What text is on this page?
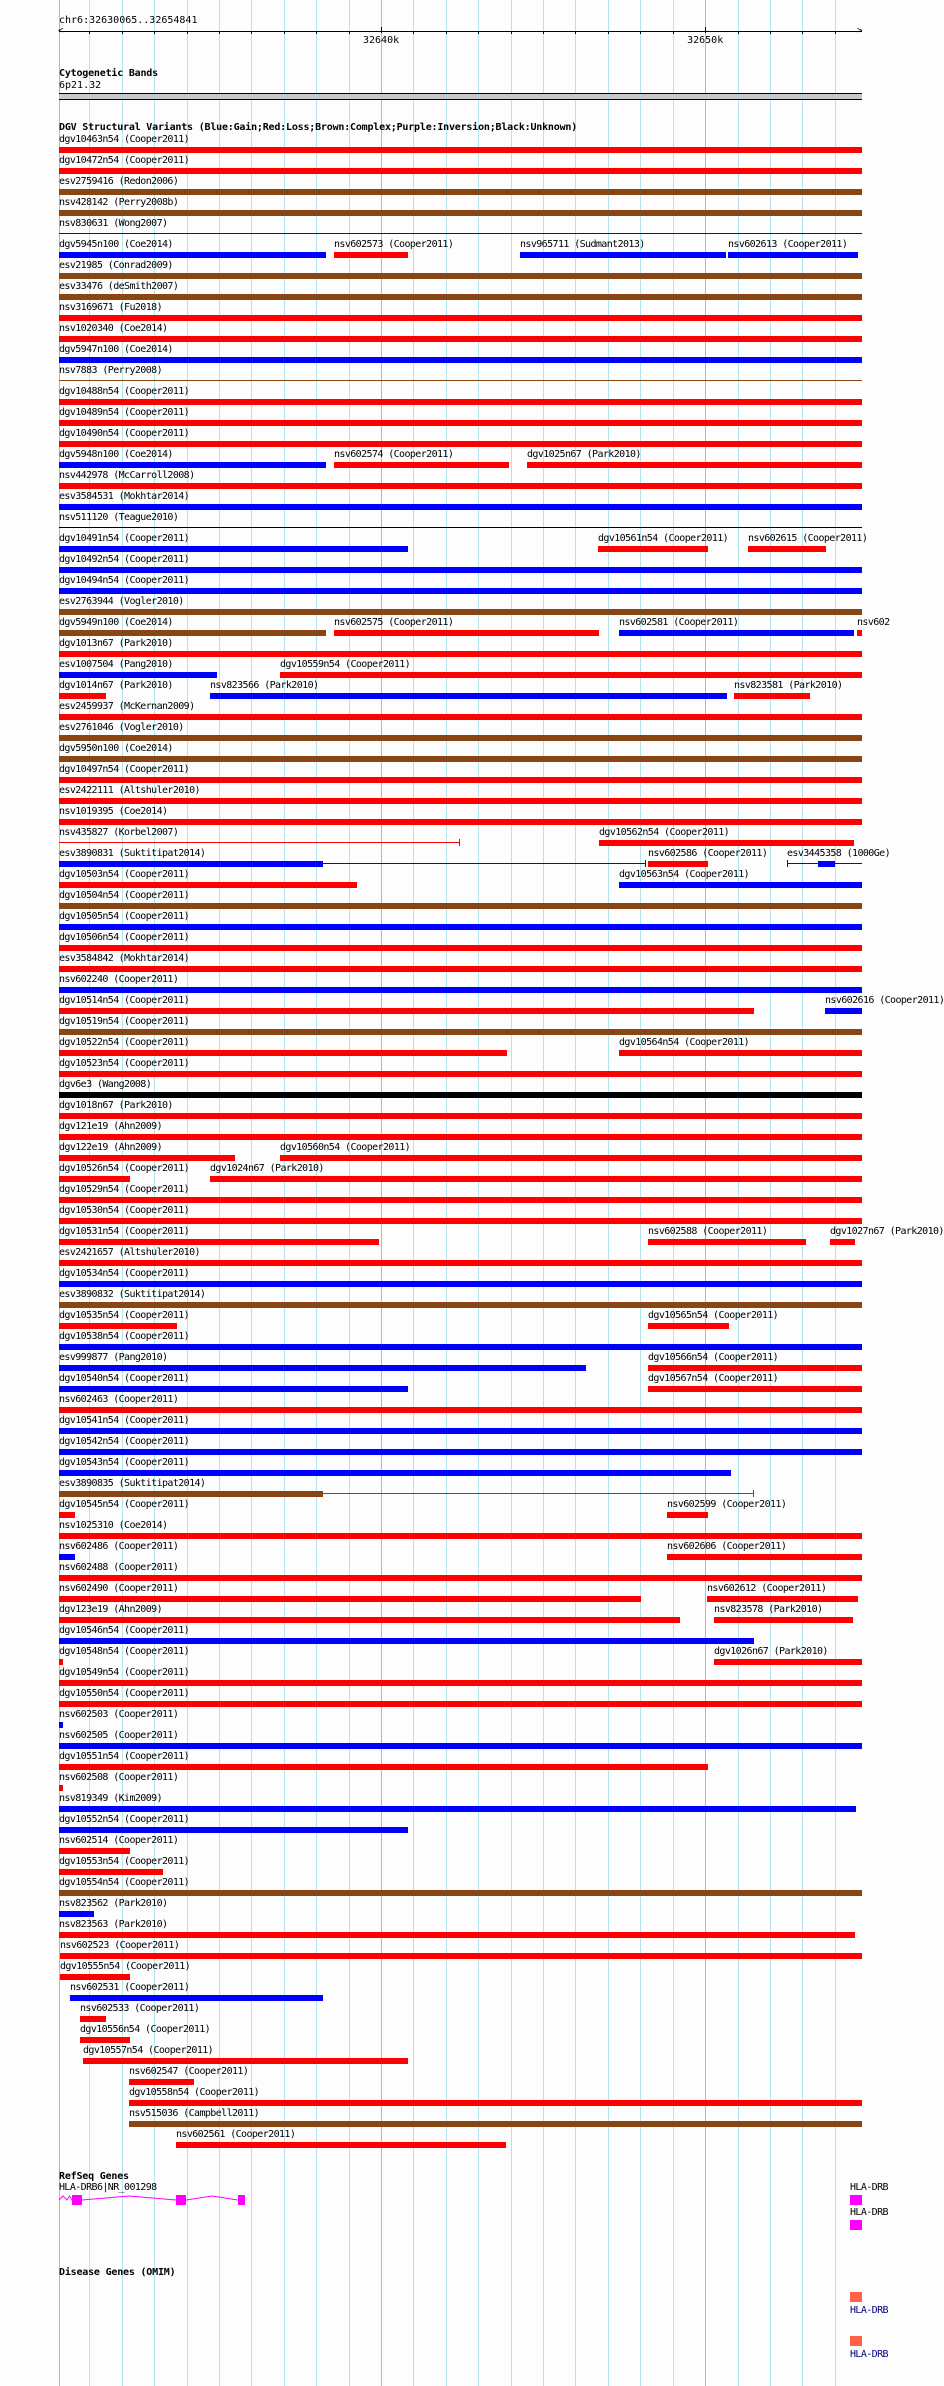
chr6:32630065..32654841
<	>
32640k	32650k
Cytogenetic Bands
6p21.32
DGV Structural Variants (Blue:Gain;Red:Loss;Brown:Complex;Purple:Inversion;Black:Unknown)
dgv10463n54 (Cooper2011)
dgv10472n54 (Cooper2011)
esv2759416 (Redon2006)
nsv428142 (Perry2008b)
nsv830631 (Wong2007)
dgv5945n100 (Coe2014)	nsv602573 (Cooper2011)	nsv965711 (Sudmant2013)	nsv602613 (Cooper2011)
esv21985 (Conrad2009)
esv33476 (deSmith2007)
nsv3169671 (Fu2018)
nsv1020340 (Coe2014)
dgv5947n100 (Coe2014)
nsv7883 (Perry2008)
dgv10488n54 (Cooper2011)
dgv10489n54 (Cooper2011)
dgv10490n54 (Cooper2011)
dgv5948n100 (Coe2014)	nsv602574 (Cooper2011)	dgv1025n67 (Park2010)
nsv442978 (McCarroll2008)
esv3584531 (Mokhtar2014)
nsv511120 (Teague2010)
dgv10491n54 (Cooper2011)	dgv10561n54 (Cooper2011) nsv602615 (Cooper2011)
dgv10492n54 (Cooper2011)
dgv10494n54 (Cooper2011)
esv2763944 (Vogler2010)
dgv5949n100 (Coe2014)	nsv602575 (Cooper2011)	nsv602581 (Cooper2011)	nsv602
dgv1013n67 (Park2010)
esv1007504 (Pang2010)	dgv10559n54 (Cooper2011)
dgv1014n67 (Park2010)	nsv823566 (Park2010)	nsv823581 (Park2010)
esv2459937 (McKernan2009)
esv2761046 (Vogler2010)
dgv5950n100 (Coe2014)
dgv10497n54 (Cooper2011)
esv2422111 (Altshuler2010)
nsv1019395 (Coe2014)
nsv435827 (Korbel2007)	dgv10562n54 (Cooper2011)
esv3890831 (Suktitipat2014)	nsv602586 (Cooper2011) esv3445358 (1000Ge)
dgv10503n54 (Cooper2011)	dgv10563n54 (Cooper2011)
dgv10504n54 (Cooper2011)
dgv10505n54 (Cooper2011)
dgv10506n54 (Cooper2011)
esv3584842 (Mokhtar2014)
nsv602240 (Cooper2011)
dgv10514n54 (Cooper2011)	nsv602616 (Cooper2011)
dgv10519n54 (Cooper2011)
dgv10522n54 (Cooper2011)	dgv10564n54 (Cooper2011)
dgv10523n54 (Cooper2011)
dgv6e3 (Wang2008)
dgv1018n67 (Park2010)
dgv121e19 (Ahn2009)
dgv122e19 (Ahn2009)	dgv10560n54 (Cooper2011)
dgv10526n54 (Cooper2011) dgv1024n67 (Park2010)
dgv10529n54 (Cooper2011)
dgv10530n54 (Cooper2011)
dgv10531n54 (Cooper2011)	nsv602588 (Cooper2011)	dgv1027n67 (Park2010)
esv2421657 (Altshuler2010)
dgv10534n54 (Cooper2011)
esv3890832 (Suktitipat2014)
dgv10535n54 (Cooper2011)	dgv10565n54 (Cooper2011)
dgv10538n54 (Cooper2011)
esv999877 (Pang2010)	dgv10566n54 (Cooper2011)
dgv10540n54 (Cooper2011)	dgv10567n54 (Cooper2011)
nsv602463 (Cooper2011)
dgv10541n54 (Cooper2011)
dgv10542n54 (Cooper2011)
dgv10543n54 (Cooper2011)
esv3890835 (Suktitipat2014)
dgv10545n54 (Cooper2011)	nsv602599 (Cooper2011)
nsv1025310 (Coe2014)
nsv602486 (Cooper2011)	nsv602606 (Cooper2011)
nsv602488 (Cooper2011)
nsv602490 (Cooper2011)	nsv602612 (Cooper2011)
dgv123e19 (Ahn2009)	nsv823578 (Park2010)
dgv10546n54 (Cooper2011)
dgv10548n54 (Cooper2011)	dgv1026n67 (Park2010)
dgv10549n54 (Cooper2011)
dgv10550n54 (Cooper2011)
nsv602503 (Cooper2011)
nsv602505 (Cooper2011)
dgv10551n54 (Cooper2011)
nsv602508 (Cooper2011)
nsv819349 (Kim2009)
dgv10552n54 (Cooper2011)
nsv602514 (Cooper2011)
dgv10553n54 (Cooper2011)
dgv10554n54 (Cooper2011)
nsv823562 (Park2010)
nsv823563 (Park2010)
nsv602523 (Cooper2011)
dgv10555n54 (Cooper2011)
nsv602531 (Cooper2011)
nsv602533 (Cooper2011)
dgv10556n54 (Cooper2011)
dgv10557n54 (Cooper2011)
nsv602547 (Cooper2011)
dgv10558n54 (Cooper2011)
nsv515036 (Campbell2011)
nsv602561 (Cooper2011)
RefSeq Genes
HLA-DRB6|NR_001298	HLA-DRB
HLA-DRB
Disease Genes (OMIM)
HLA-DRB
HLA-DRB
